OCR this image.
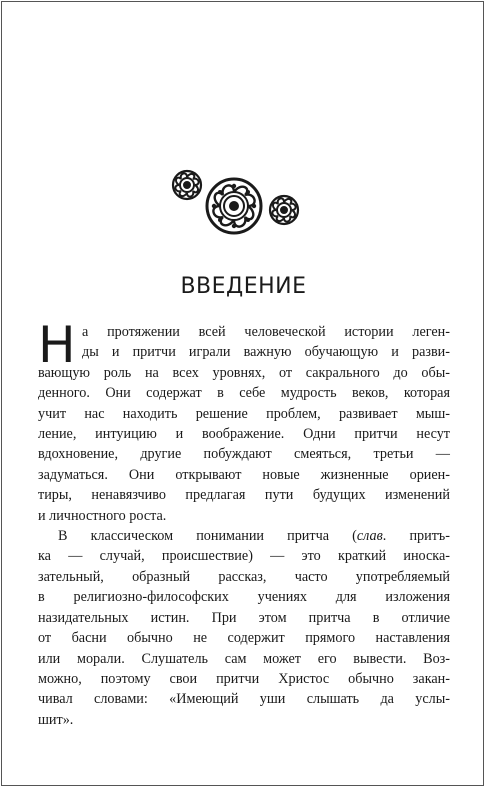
ВВЕДЕНИЕ
Н а протяжении всей человеческой истории леген-
ды и притчи играли важную обучающую и разви-
вающую роль на всех уровнях, от сакрального до обы-
денного. Они содержат в себе мудрость веков, которая
учит нас находить решение проблем, развивает мыш-
ление, интуицию и воображение. Одни притчи несут
вдохновение, другие побуждают смеяться, третьи —
задуматься. Они открывают новые жизненные ориен-
тиры, ненавязчиво предлагая пути будущих изменений
и личностного роста.
В классическом понимании притча (слав. притъ-
ка — случай, происшествие) — это краткий иноска-
зательный, образный рассказ, часто употребляемый
в религиозно-философских учениях для изложения
назидательных истин. При этом притча в отличие
от басни обычно не содержит прямого наставления
или морали. Слушатель сам может его вывести. Воз-
можно, поэтому свои притчи Христос обычно закан-
чивал словами: «Имеющий уши слышать да услы-
шит».
